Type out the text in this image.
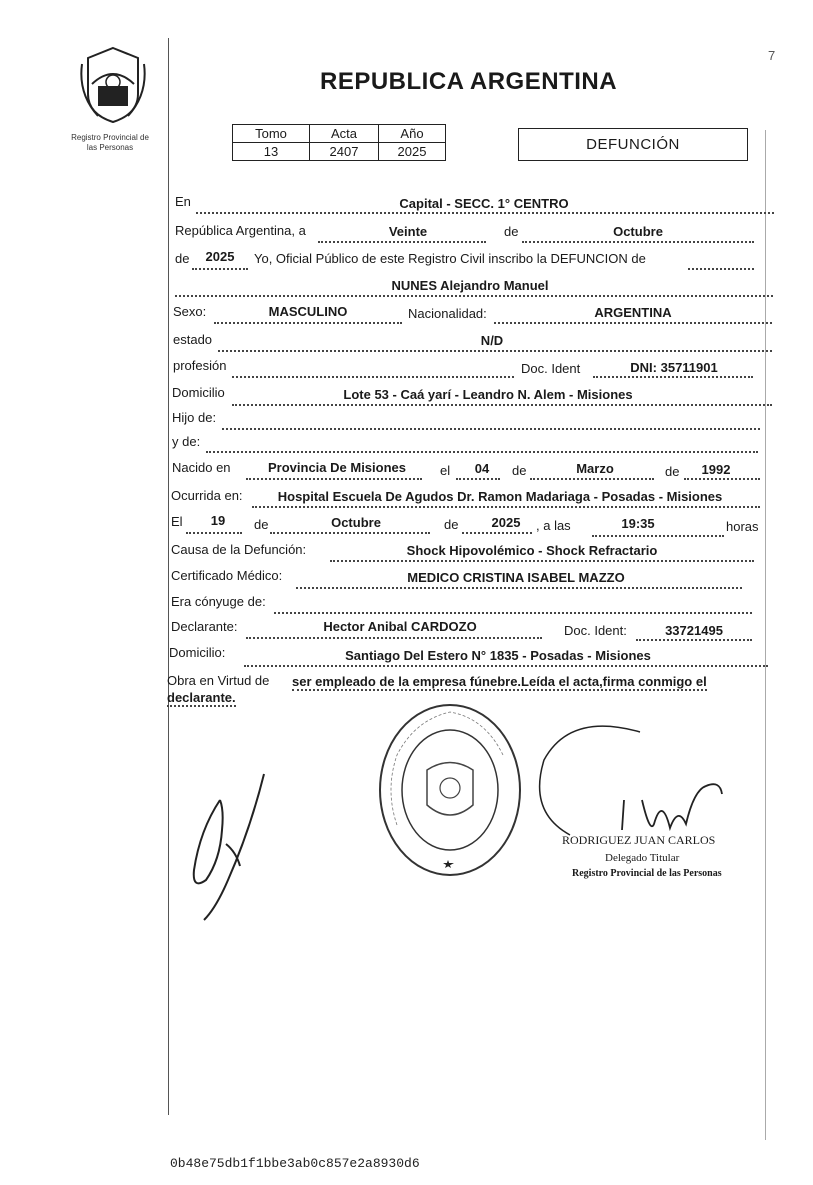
Registro Provincial de
las Personas
7
REPUBLICA ARGENTINA
Tomo	Acta	Año
13	2407	2025	DEFUNCIÓN
En	Capital - SECC. 1° CENTRO
República Argentina, a	Veinte	de	Octubre
de 2025 Yo, Oficial Público de este Registro Civil inscribo la DEFUNCION de
NUNES Alejandro Manuel
Sexo:	MASCULINO	Nacionalidad:	ARGENTINA
estado	N/D
profesión	Doc. Ident	DNI: 35711901
Domicilio	Lote 53 - Caá yarí - Leandro N. Alem - Misiones
Hijo de:
y de:
Nacido en	Provincia De Misiones	el 04 de	Marzo	de 1992
Ocurrida en:	Hospital Escuela De Agudos Dr. Ramon Madariaga - Posadas - Misiones
El 19 de	Octubre	de	2025 , a las	19:35	horas
Causa de la Defunción:	Shock Hipovolémico - Shock Refractario
Certificado Médico:	MEDICO CRISTINA ISABEL MAZZO
Era cónyuge de:
Declarante:	Hector Anibal CARDOZO	Doc. Ident:	33721495
Domicilio:	Santiago Del Estero N° 1835 - Posadas - Misiones
Obra en Virtud de ser empleado de la empresa fúnebre.Leída el acta,firma conmigo el
declarante.
RODRIGUEZ JUAN CARLOS
Delegado Titular
Registro Provincial de las Personas
0b48e75db1f1bbe3ab0c857e2a8930d6
